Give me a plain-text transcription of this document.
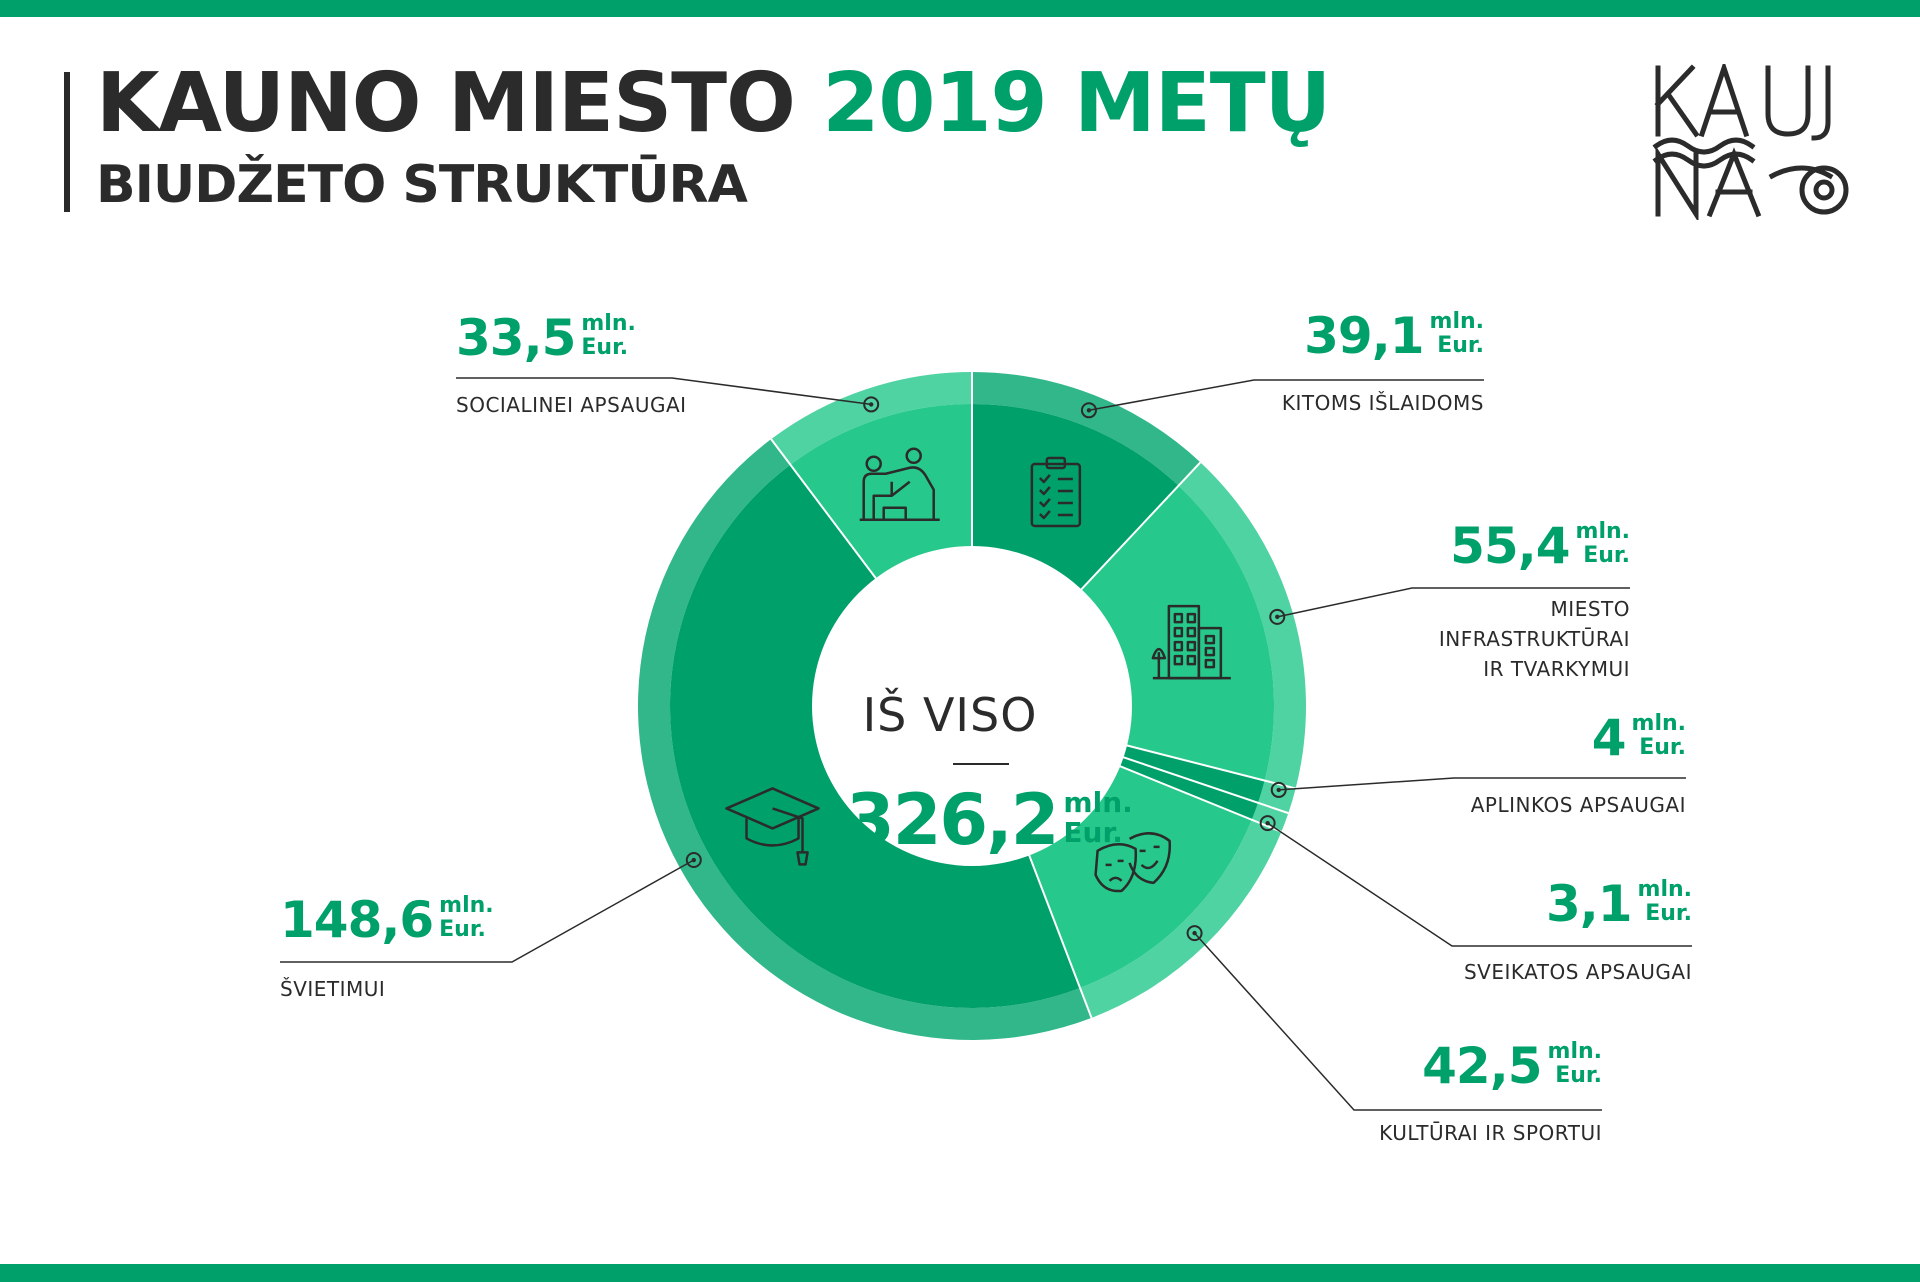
KAUNO MIESTO 2019 METŲ
BIUDŽETO STRUKTŪRA
IŠ VISO
326,2 mln.
Eur.
39,1 mln.
Eur.
KITOMS IŠLAIDOMS
55,4 mln.
Eur.
MIESTO
INFRASTRUKTŪRAI
IR TVARKYMUI
4 mln.
Eur.
APLINKOS APSAUGAI
3,1 mln.
Eur.
SVEIKATOS APSAUGAI
42,5 mln.
Eur.
KULTŪRAI IR SPORTUI
148,6 mln.
Eur.
ŠVIETIMUI
33,5 mln.
Eur.
SOCIALINEI APSAUGAI
